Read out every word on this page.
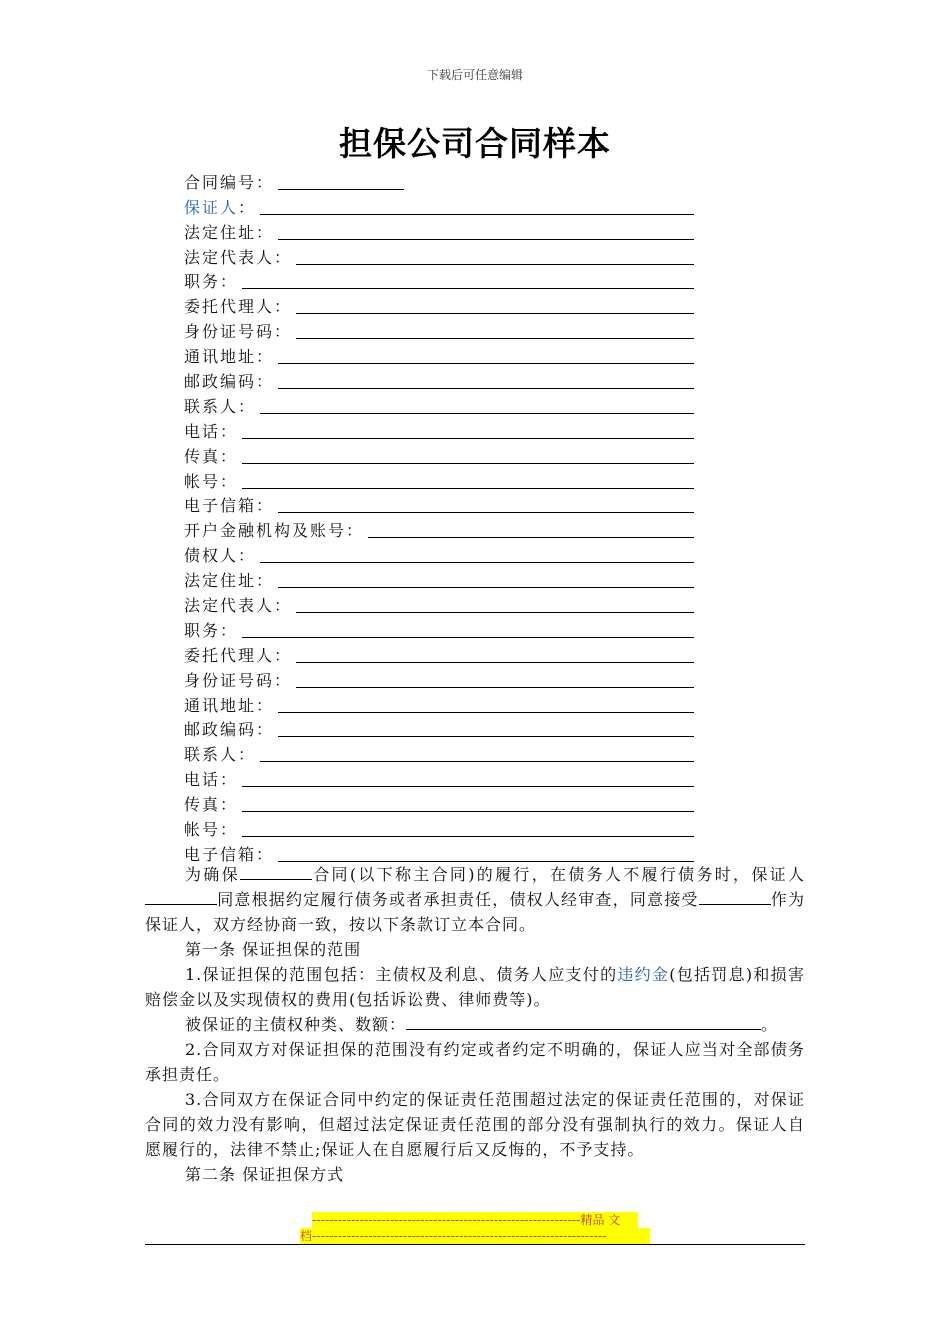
下载后可任意编辑
担保公司合同样本
合同编号 ：
保证人 ：
法定住址 ：
法定代表人 ：
职务 ：
委托代理人 ：
身份证号码 ：
通讯地址 ：
邮政编码 ：
联系人 ：
电话 ：
传真 ：
帐号 ：
电子信箱 ：
开户金融机构及账号 ：
债权人 ：
法定住址 ：
法定代表人 ：
职务 ：
委托代理人 ：
身份证号码 ：
通讯地址 ：
邮政编码 ：
联系人 ：
电话 ：
传真 ：
帐号 ：
电子信箱 ：

为确保	合同(以下称主合同)的履行，在债务人不履行债务时，保证人同意根据约定履行债务或者承担责任，债权人经审查，同意接受	作为保证人，双方经协商一致，按以下条款订立本合同。

第一条 保证担保的范围

1.保证担保的范围包括：主债权及利息、债务人应支付的违约金(包括罚息)和损害赔偿金以及实现债权的费用(包括诉讼费、律师费等)。

被保证的主债权种类、数额：	。

2.合同双方对保证担保的范围没有约定或者约定不明确的，保证人应当对全部债务承担责任。

3.合同双方在保证合同中约定的保证责任范围超过法定的保证责任范围的，对保证合同的效力没有影响，但超过法定保证责任范围的部分没有强制执行的效力。保证人自愿履行的，法律不禁止;保证人在自愿履行后又反悔的，不予支持。

第二条 保证担保方式

--------------------------------------------------------------精品 文
档--------------------------------------------------------------------
